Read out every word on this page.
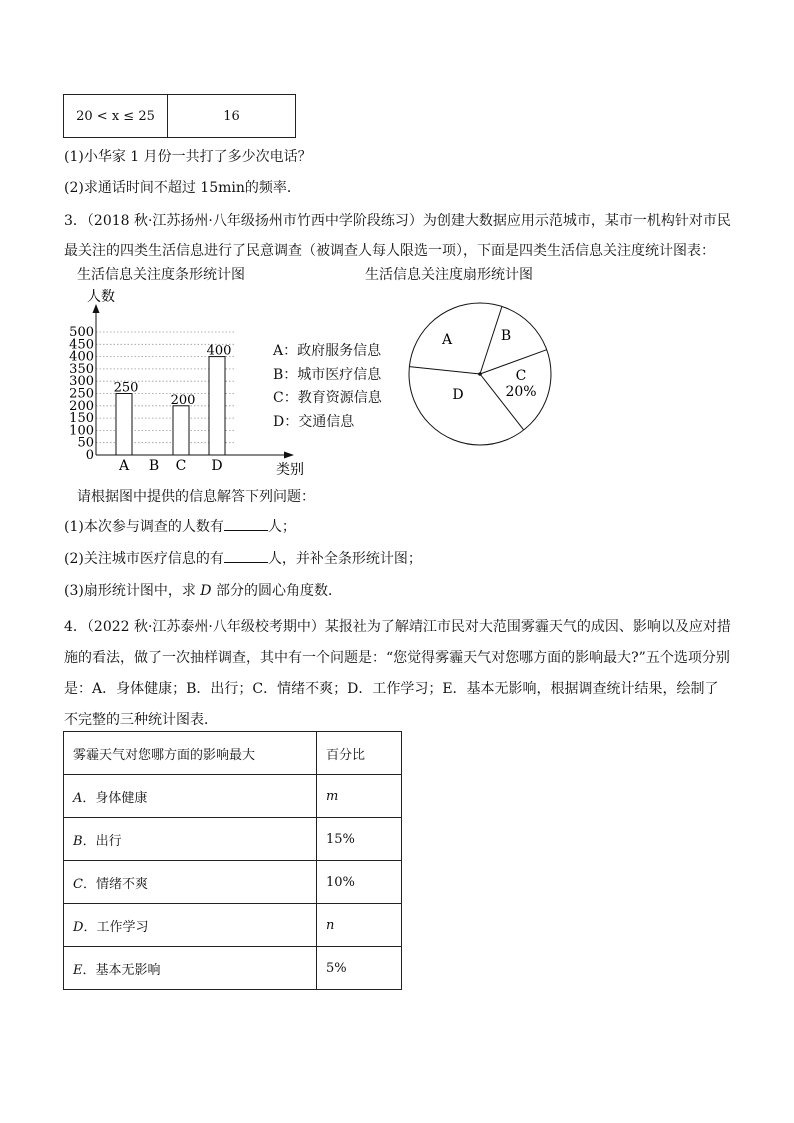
20 < x ≤ 25	16
(1)小华家 1 月份一共打了多少次电话？
(2)求通话时间不超过 15min的频率．
3．（2018 秋·江苏扬州·八年级扬州市竹西中学阶段练习）为创建大数据应用示范城市，某市一机构针对市民最关注的四类生活信息进行了民意调查（被调查人每人限选一项），下面是四类生活信息关注度统计图表：
生活信息关注度条形统计图	生活信息关注度扇形统计图
0
50
100
150
200
250
300
350
400
450
500
人数
类别
A
250
B C
200
D
400	A：政府服务信息
B：城市医疗信息
C：教育资源信息
D：交通信息
A	B
C
20%
D
请根据图中提供的信息解答下列问题：
(1)本次参与调查的人数有	人；
(2)关注城市医疗信息的有	人，并补全条形统计图；
(3)扇形统计图中，求 D 部分的圆心角度数．
4．（2022 秋·江苏泰州·八年级校考期中）某报社为了解靖江市民对大范围雾霾天气的成因、影响以及应对措施的看法，做了一次抽样调查，其中有一个问题是：“您觉得雾霾天气对您哪方面的影响最大?”五个选项分别是：A．身体健康；B．出行；C．情绪不爽；D．工作学习；E．基本无影响，根据调查统计结果，绘制了不完整的三种统计图表．
雾霾天气对您哪方面的影响最大	百分比
A．身体健康	m
B．出行	15%
C．情绪不爽	10%
D．工作学习	n
E．基本无影响	5%
